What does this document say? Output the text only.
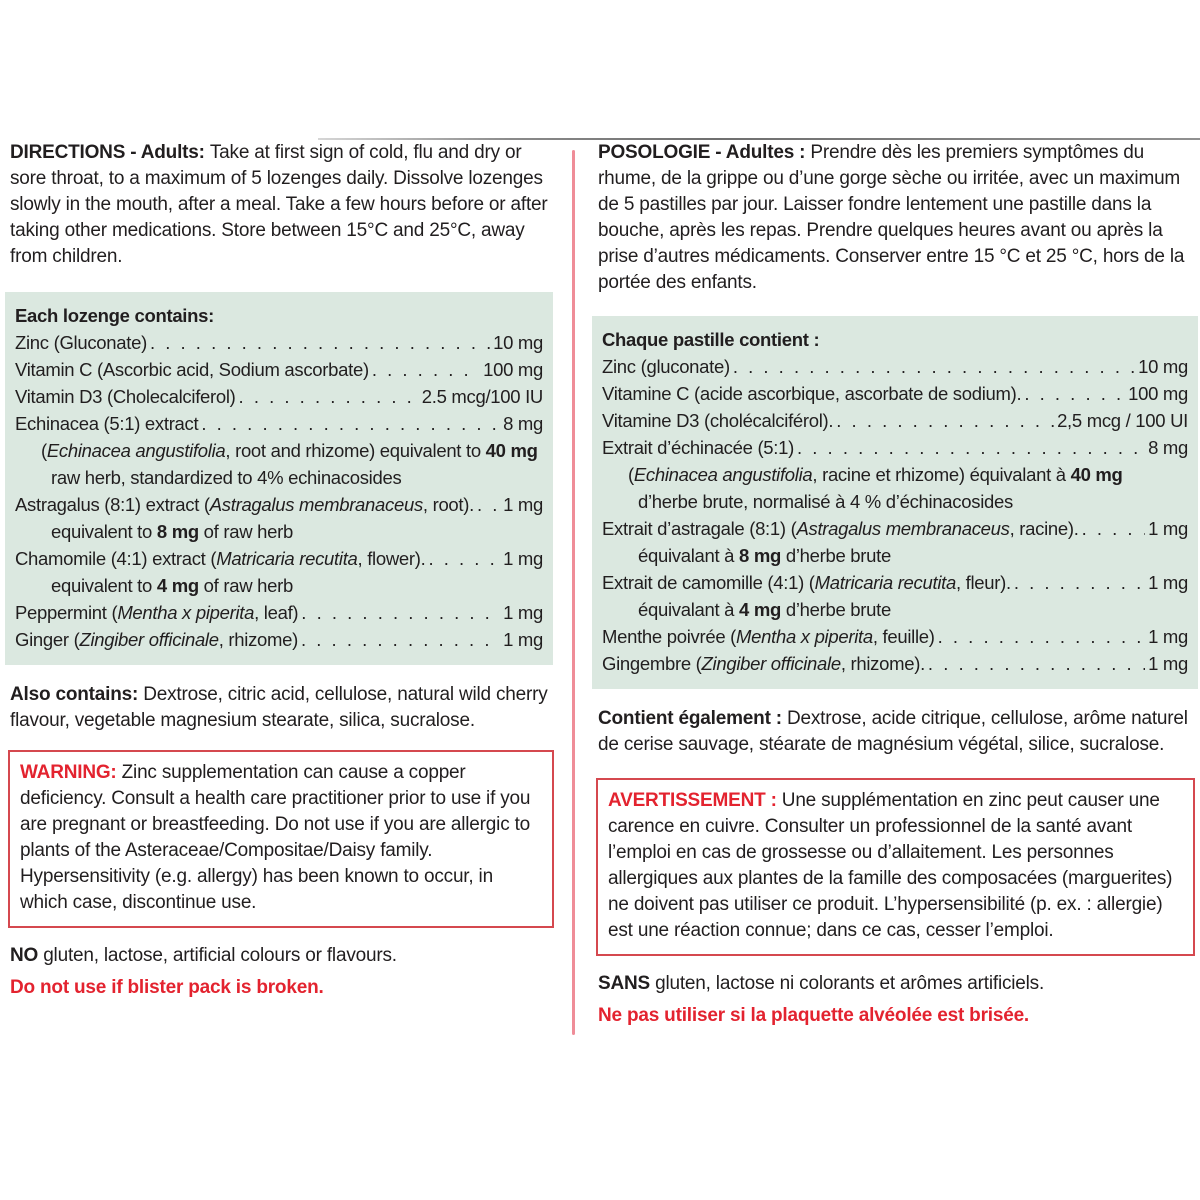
DIRECTIONS - Adults: Take at first sign of cold, flu and dry or sore throat, to a maximum of 5 lozenges daily. Dissolve lozenges slowly in the mouth, after a meal. Take a few hours before or after taking other medications. Store between 15°C and 25°C, away from children.
Each lozenge contains:
Zinc (Gluconate) . . .	10 mg
Vitamin C (Ascorbic acid, Sodium ascorbate) . . .	100 mg
Vitamin D3 (Cholecalciferol) . . .	2.5 mcg/100 IU
Echinacea (5:1) extract . . .	8 mg
(Echinacea angustifolia, root and rhizome) equivalent to 40 mg
raw herb, standardized to 4% echinacosides
Astragalus (8:1) extract (Astragalus membranaceus, root). . . . 1 mg
equivalent to 8 mg of raw herb
Chamomile (4:1) extract (Matricaria recutita, flower). . . .	1 mg
equivalent to 4 mg of raw herb
Peppermint (Mentha x piperita, leaf) . . .	1 mg
Ginger (Zingiber officinale, rhizome) . . .	1 mg
Also contains: Dextrose, citric acid, cellulose, natural wild cherry flavour, vegetable magnesium stearate, silica, sucralose.
WARNING: Zinc supplementation can cause a copper deficiency. Consult a health care practitioner prior to use if you are pregnant or breastfeeding. Do not use if you are allergic to plants of the Asteraceae/Compositae/Daisy family. Hypersensitivity (e.g. allergy) has been known to occur, in which case, discontinue use.
NO gluten, lactose, artificial colours or flavours.
Do not use if blister pack is broken.
POSOLOGIE - Adultes : Prendre dès les premiers symptômes du rhume, de la grippe ou d’une gorge sèche ou irritée, avec un maximum de 5 pastilles par jour. Laisser fondre lentement une pastille dans la bouche, après les repas. Prendre quelques heures avant ou après la prise d’autres médicaments. Conserver entre 15 °C et 25 °C, hors de la portée des enfants.
Chaque pastille contient :
Zinc (gluconate) . . .	10 mg
Vitamine C (acide ascorbique, ascorbate de sodium). . . .	100 mg
Vitamine D3 (cholécalciférol). . . .	2,5 mcg / 100 UI
Extrait d’échinacée (5:1) . . .	8 mg
(Echinacea angustifolia, racine et rhizome) équivalant à 40 mg
d’herbe brute, normalisé à 4 % d’échinacosides
Extrait d’astragale (8:1) (Astragalus membranaceus, racine). . . .	1 mg
équivalant à 8 mg d’herbe brute
Extrait de camomille (4:1) (Matricaria recutita, fleur). . . .	1 mg
équivalant à 4 mg d’herbe brute
Menthe poivrée (Mentha x piperita, feuille) . . .	1 mg
Gingembre (Zingiber officinale, rhizome). . . .	1 mg
Contient également : Dextrose, acide citrique, cellulose, arôme naturel de cerise sauvage, stéarate de magnésium végétal, silice, sucralose.
AVERTISSEMENT : Une supplémentation en zinc peut causer une carence en cuivre. Consulter un professionnel de la santé avant l’emploi en cas de grossesse ou d’allaitement. Les personnes allergiques aux plantes de la famille des composacées (marguerites) ne doivent pas utiliser ce produit. L’hypersensibilité (p. ex. : allergie) est une réaction connue; dans ce cas, cesser l’emploi.
SANS gluten, lactose ni colorants et arômes artificiels.
Ne pas utiliser si la plaquette alvéolée est brisée.
